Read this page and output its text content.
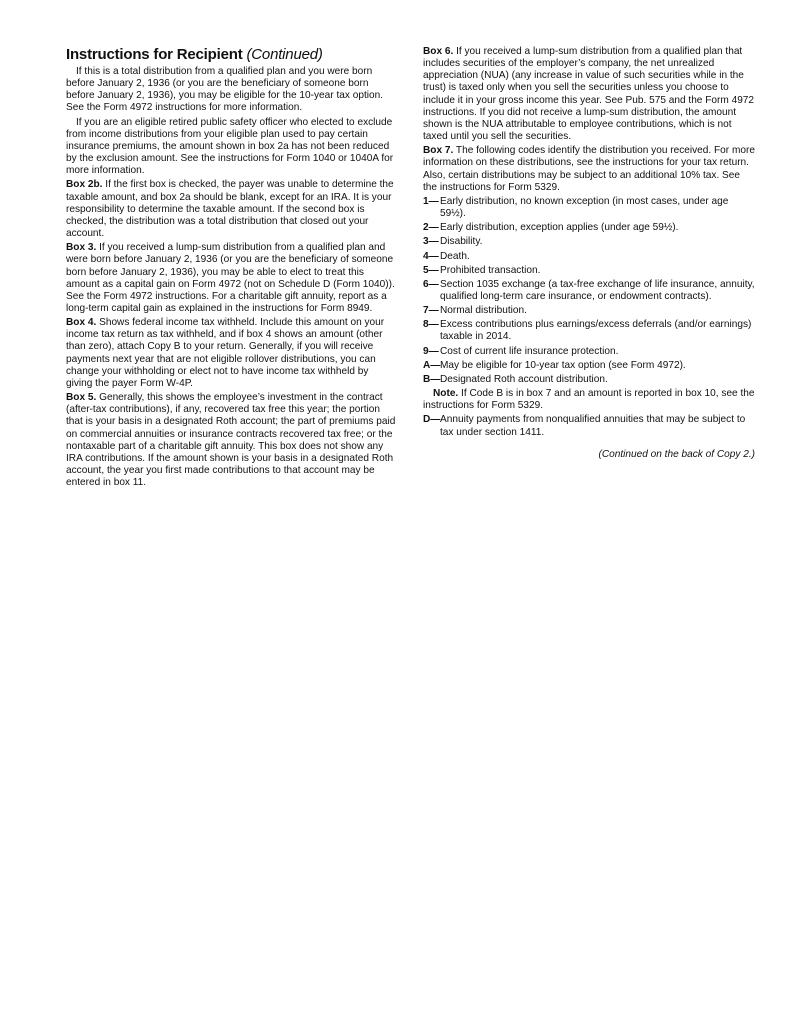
Instructions for Recipient (Continued)

If this is a total distribution from a qualified plan and you were born before January 2, 1936 (or you are the beneficiary of someone born before January 2, 1936), you may be eligible for the 10-year tax option. See the Form 4972 instructions for more information.

If you are an eligible retired public safety officer who elected to exclude from income distributions from your eligible plan used to pay certain insurance premiums, the amount shown in box 2a has not been reduced by the exclusion amount. See the instructions for Form 1040 or 1040A for more information.

Box 2b. If the first box is checked, the payer was unable to determine the taxable amount, and box 2a should be blank, except for an IRA. It is your responsibility to determine the taxable amount. If the second box is checked, the distribution was a total distribution that closed out your account.

Box 3. If you received a lump-sum distribution from a qualified plan and were born before January 2, 1936 (or you are the beneficiary of someone born before January 2, 1936), you may be able to elect to treat this amount as a capital gain on Form 4972 (not on Schedule D (Form 1040)). See the Form 4972 instructions. For a charitable gift annuity, report as a long-term capital gain as explained in the instructions for Form 8949.

Box 4. Shows federal income tax withheld. Include this amount on your income tax return as tax withheld, and if box 4 shows an amount (other than zero), attach Copy B to your return. Generally, if you will receive payments next year that are not eligible rollover distributions, you can change your withholding or elect not to have income tax withheld by giving the payer Form W-4P.

Box 5. Generally, this shows the employee’s investment in the contract (after-tax contributions), if any, recovered tax free this year; the portion that is your basis in a designated Roth account; the part of premiums paid on commercial annuities or insurance contracts recovered tax free; or the nontaxable part of a charitable gift annuity. This box does not show any IRA contributions. If the amount shown is your basis in a designated Roth account, the year you first made contributions to that account may be entered in box 11.

Box 6. If you received a lump-sum distribution from a qualified plan that includes securities of the employer’s company, the net unrealized appreciation (NUA) (any increase in value of such securities while in the trust) is taxed only when you sell the securities unless you choose to include it in your gross income this year. See Pub. 575 and the Form 4972 instructions. If you did not receive a lump-sum distribution, the amount shown is the NUA attributable to employee contributions, which is not taxed until you sell the securities.

Box 7. The following codes identify the distribution you received. For more information on these distributions, see the instructions for your tax return. Also, certain distributions may be subject to an additional 10% tax. See the instructions for Form 5329.

1— Early distribution, no known exception (in most cases, under age 59½).
2— Early distribution, exception applies (under age 59½).
3— Disability.
4— Death.
5— Prohibited transaction.
6— Section 1035 exchange (a tax-free exchange of life insurance, annuity, qualified long-term care insurance, or endowment contracts).
7— Normal distribution.
8— Excess contributions plus earnings/excess deferrals (and/or earnings) taxable in 2014.
9— Cost of current life insurance protection.
A— May be eligible for 10-year tax option (see Form 4972).
B— Designated Roth account distribution.

Note. If Code B is in box 7 and an amount is reported in box 10, see the instructions for Form 5329.

D— Annuity payments from nonqualified annuities that may be subject to tax under section 1411.

(Continued on the back of Copy 2.)
